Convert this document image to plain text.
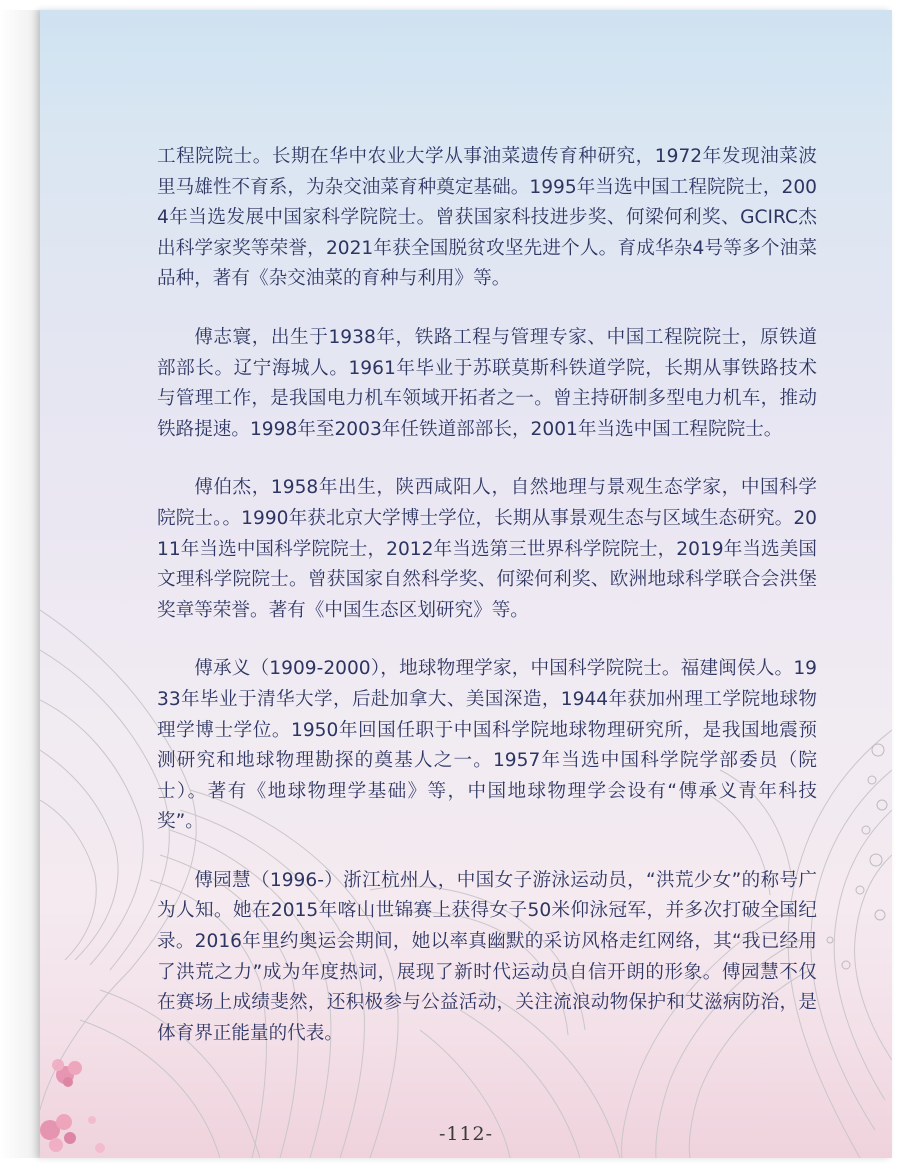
工程院院士。长期在华中农业大学从事油菜遗传育种研究，1972年发现油菜波里马雄性不育系，为杂交油菜育种奠定基础。1995年当选中国工程院院士，2004年当选发展中国家科学院院士。曾获国家科技进步奖、何梁何利奖、GCIRC杰出科学家奖等荣誉，2021年获全国脱贫攻坚先进个人。育成华杂4号等多个油菜品种，著有《杂交油菜的育种与利用》等。

傅志寰，出生于1938年，铁路工程与管理专家、中国工程院院士，原铁道部部长。辽宁海城人。1961年毕业于苏联莫斯科铁道学院，长期从事铁路技术与管理工作，是我国电力机车领域开拓者之一。曾主持研制多型电力机车，推动铁路提速。1998年至2003年任铁道部部长，2001年当选中国工程院院士。

傅伯杰，1958年出生，陕西咸阳人，自然地理与景观生态学家，中国科学院院士。。1990年获北京大学博士学位，长期从事景观生态与区域生态研究。2011年当选中国科学院院士，2012年当选第三世界科学院院士，2019年当选美国文理科学院院士。曾获国家自然科学奖、何梁何利奖、欧洲地球科学联合会洪堡奖章等荣誉。著有《中国生态区划研究》等。

傅承义（1909-2000），地球物理学家，中国科学院院士。福建闽侯人。1933年毕业于清华大学，后赴加拿大、美国深造，1944年获加州理工学院地球物理学博士学位。1950年回国任职于中国科学院地球物理研究所，是我国地震预测研究和地球物理勘探的奠基人之一。1957年当选中国科学院学部委员（院士）。著有《地球物理学基础》等，中国地球物理学会设有“傅承义青年科技奖”。

傅园慧（1996-）浙江杭州人，中国女子游泳运动员，“洪荒少女”的称号广为人知。她在2015年喀山世锦赛上获得女子50米仰泳冠军，并多次打破全国纪录。2016年里约奥运会期间，她以率真幽默的采访风格走红网络，其“我已经用了洪荒之力”成为年度热词，展现了新时代运动员自信开朗的形象。傅园慧不仅在赛场上成绩斐然，还积极参与公益活动，关注流浪动物保护和艾滋病防治，是体育界正能量的代表。

-112-
